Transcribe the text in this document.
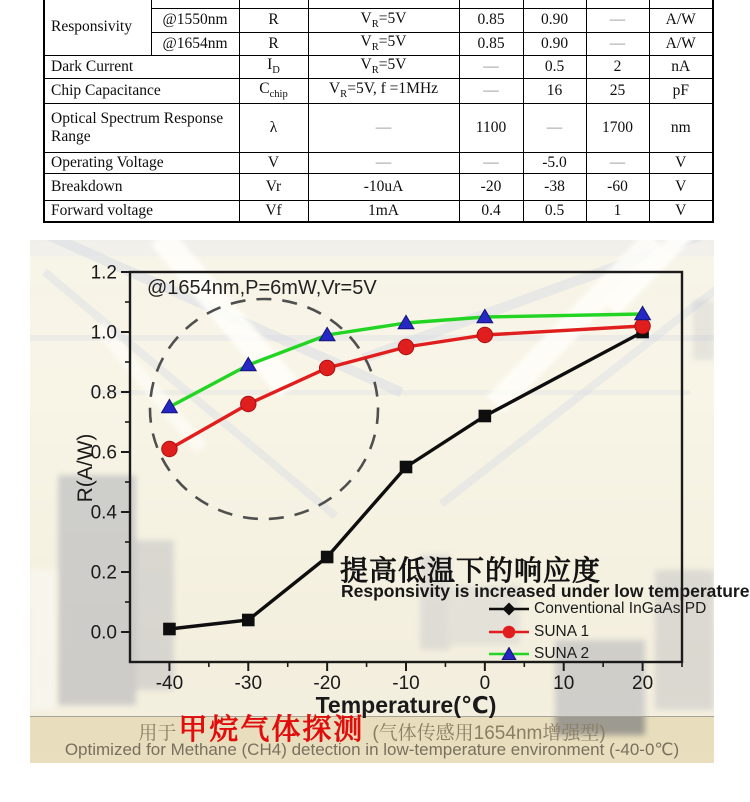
Responsivity							
	@1550nm	R	$V_R=5V$	0.85	0.90	—	A/W
	@1654nm	R	$V_R=5V$	0.85	0.90	—	A/W
Dark Current		$I_D$	$V_R=5V$	—	0.5	2	nA
Chip Capacitance		$C_{chip}$	$V_R=5V$, f =1MHz	—	16	25	pF
Optical Spectrum Response Range		λ	—	1100	—	1700	nm
Operating Voltage		V	—	—	-5.0	—	V
Breakdown		Vr	-10uA	-20	-38	-60	V
Forward voltage		Vf	1mA	0.4	0.5	1	V
0.0
0.2
0.4
0.6
0.8
1.0
1.2
-40	-30	-20	-10	0	10	20
@1654nm,P=6mW,Vr=5V
R(A/W)
Temperature(℃)
提高低温下的响应度
Responsivity is increased under low temperature
Conventional InGaAs PD
SUNA 1
SUNA 2
用于 甲烷气体探测 (气体传感用1654nm增强型)
Optimized for Methane (CH4) detection in low-temperature environment (-40-0℃)
